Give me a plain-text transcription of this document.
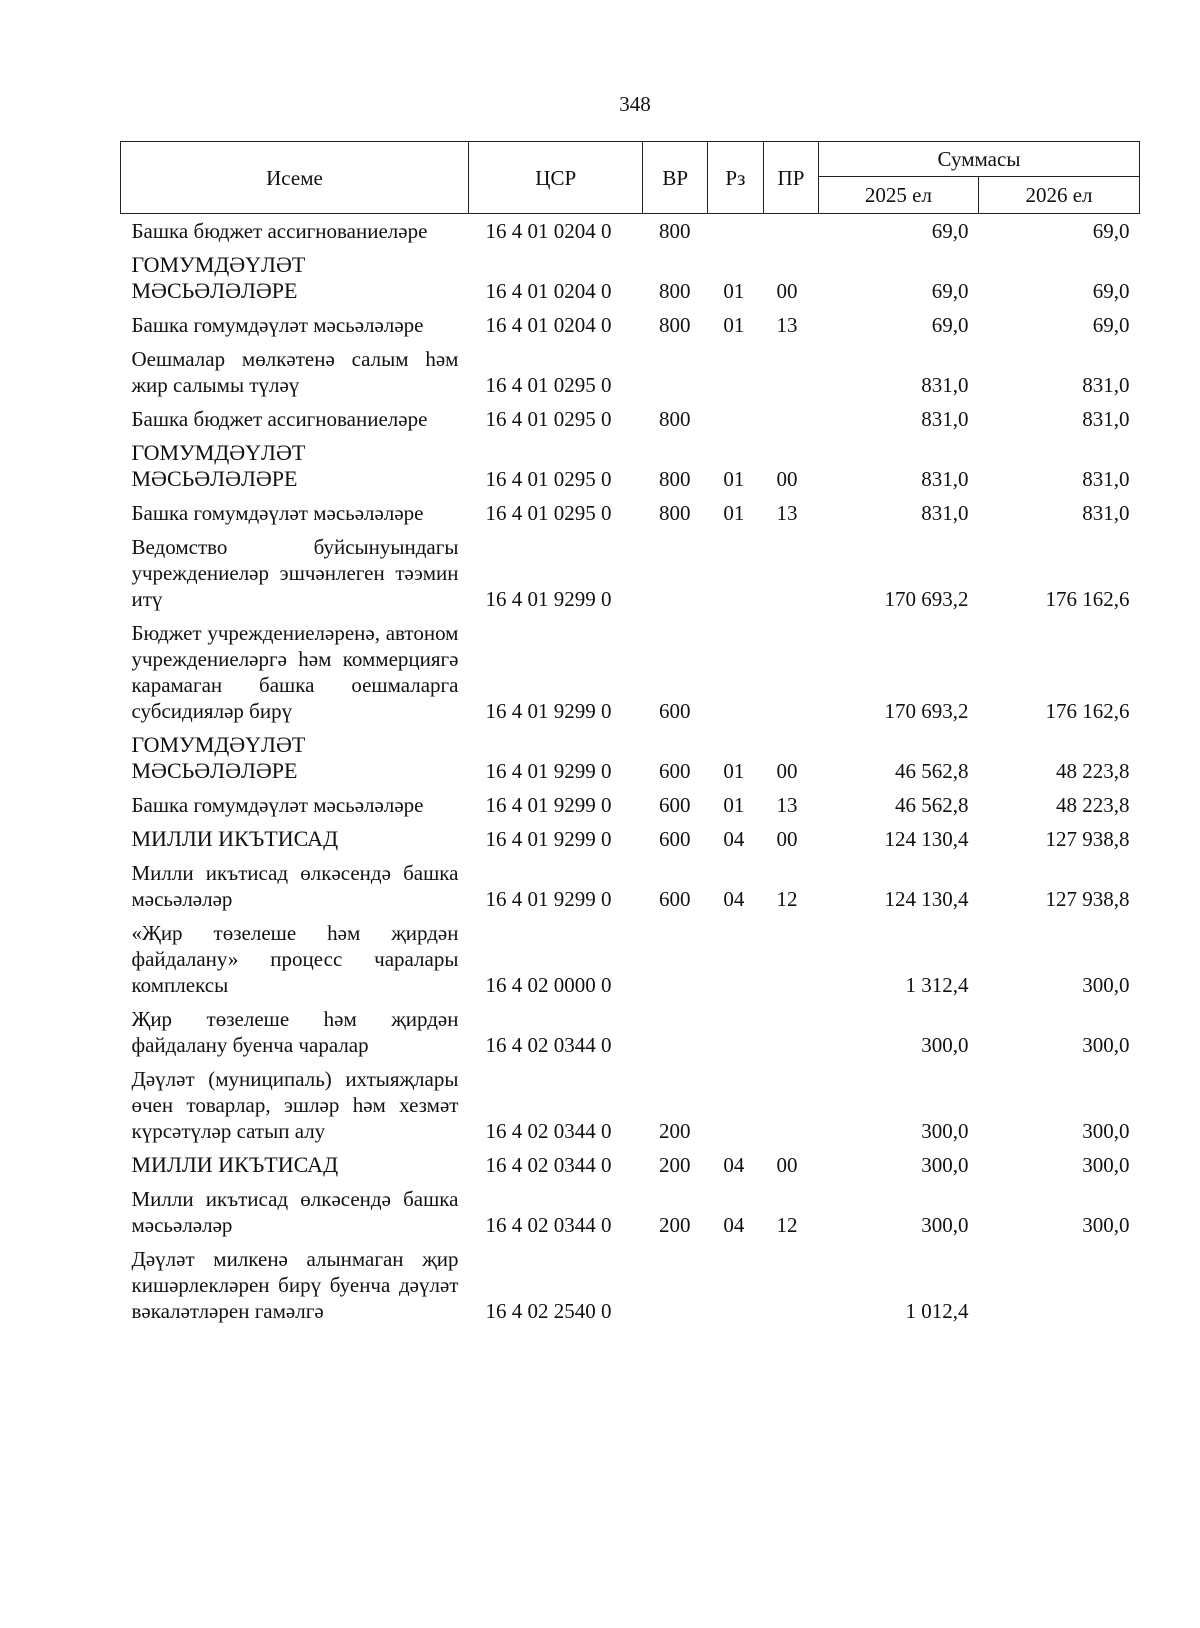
348
Исеме	ЦСР	ВР	Рз	ПР	Суммасы	
					2025 ел	2026 ел
Башка бюджет ассигнованиеләре	16 4 01 0204 0	800			69,0	69,0
ГОМУМДӘҮЛӘТ МӘСЬӘЛӘЛӘРЕ	16 4 01 0204 0	800	01	00	69,0	69,0
Башка гомумдәүләт мәсьәләләре	16 4 01 0204 0	800	01	13	69,0	69,0
Оешмалар мөлкәтенә салым һәм жир салымы түләү	16 4 01 0295 0				831,0	831,0
Башка бюджет ассигнованиеләре	16 4 01 0295 0	800			831,0	831,0
ГОМУМДӘҮЛӘТ МӘСЬӘЛӘЛӘРЕ	16 4 01 0295 0	800	01	00	831,0	831,0
Башка гомумдәүләт мәсьәләләре	16 4 01 0295 0	800	01	13	831,0	831,0
Ведомство буйсынуындагы учреждениеләр эшчәнлеген тәэмин итү	16 4 01 9299 0				170 693,2	176 162,6
Бюджет учреждениеләренә, автоном учреждениеләргә һәм коммерциягә карамаган башка оешмаларга субсидияләр бирү	16 4 01 9299 0	600			170 693,2	176 162,6
ГОМУМДӘҮЛӘТ МӘСЬӘЛӘЛӘРЕ	16 4 01 9299 0	600	01	00	46 562,8	48 223,8
Башка гомумдәүләт мәсьәләләре	16 4 01 9299 0	600	01	13	46 562,8	48 223,8
МИЛЛИ ИКЪТИСАД	16 4 01 9299 0	600	04	00	124 130,4	127 938,8
Милли икътисад өлкәсендә башка мәсьәләләр	16 4 01 9299 0	600	04	12	124 130,4	127 938,8
«Җир төзелеше һәм җирдән файдалану» процесс чаралары комплексы	16 4 02 0000 0				1 312,4	300,0
Җир төзелеше һәм җирдән файдалану буенча чаралар	16 4 02 0344 0				300,0	300,0
Дәүләт (муниципаль) ихтыяҗлары өчен товарлар, эшләр һәм хезмәт күрсәтүләр сатып алу	16 4 02 0344 0	200			300,0	300,0
МИЛЛИ ИКЪТИСАД	16 4 02 0344 0	200	04	00	300,0	300,0
Милли икътисад өлкәсендә башка мәсьәләләр	16 4 02 0344 0	200	04	12	300,0	300,0
Дәүләт милкенә алынмаган җир кишәрлекләрен бирү буенча дәүләт вәкаләтләрен гамәлгә	16 4 02 2540 0				1 012,4	
